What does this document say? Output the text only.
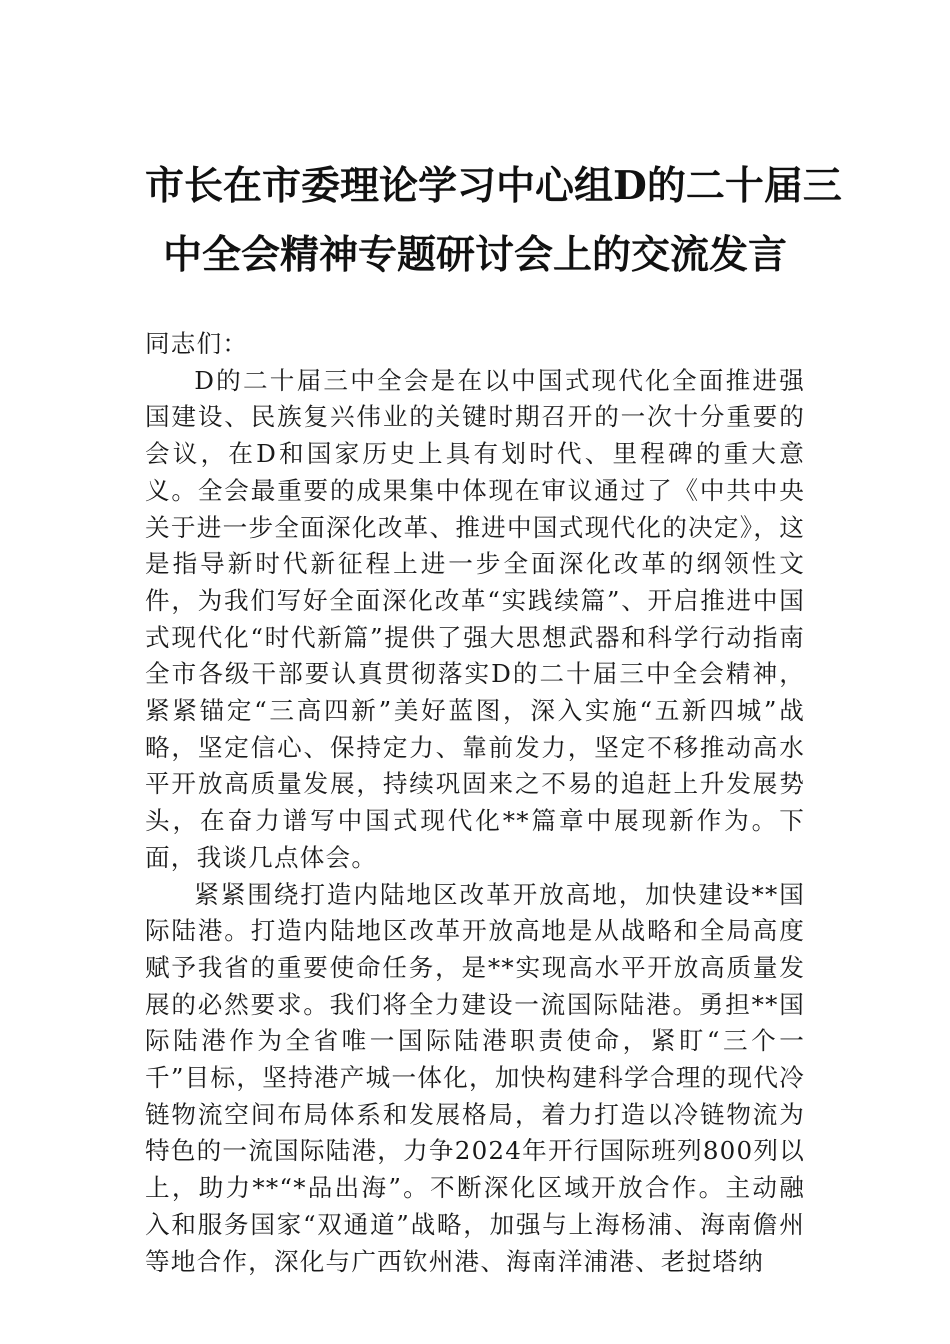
市长在市委理论学习中心组D的二十届三
中全会精神专题研讨会上的交流发言

同志们：

D的二十届三中全会是在以中国式现代化全面推进强国建设、民族复兴伟业的关键时期召开的一次十分重要的会议，在D和国家历史上具有划时代、里程碑的重大意义。全会最重要的成果集中体现在审议通过了《中共中央关于进一步全面深化改革、推进中国式现代化的决定》，这是指导新时代新征程上进一步全面深化改革的纲领性文件，为我们写好全面深化改革“实践续篇”、开启推进中国式现代化“时代新篇”提供了强大思想武器和科学行动指南全市各级干部要认真贯彻落实D的二十届三中全会精神，紧紧锚定“三高四新”美好蓝图，深入实施“五新四城”战略，坚定信心、保持定力、靠前发力，坚定不移推动高水平开放高质量发展，持续巩固来之不易的追赶上升发展势头，在奋力谱写中国式现代化**篇章中展现新作为。下面，我谈几点体会。

紧紧围绕打造内陆地区改革开放高地，加快建设**国际陆港。打造内陆地区改革开放高地是从战略和全局高度赋予我省的重要使命任务，是**实现高水平开放高质量发展的必然要求。我们将全力建设一流国际陆港。勇担**国际陆港作为全省唯一国际陆港职责使命，紧盯“三个一千”目标，坚持港产城一体化，加快构建科学合理的现代冷链物流空间布局体系和发展格局，着力打造以冷链物流为特色的一流国际陆港，力争2024年开行国际班列800列以上，助力**“*品出海”。不断深化区域开放合作。主动融入和服务国家“双通道”战略，加强与上海杨浦、海南儋州等地合作，深化与广西钦州港、海南洋浦港、老挝塔纳
